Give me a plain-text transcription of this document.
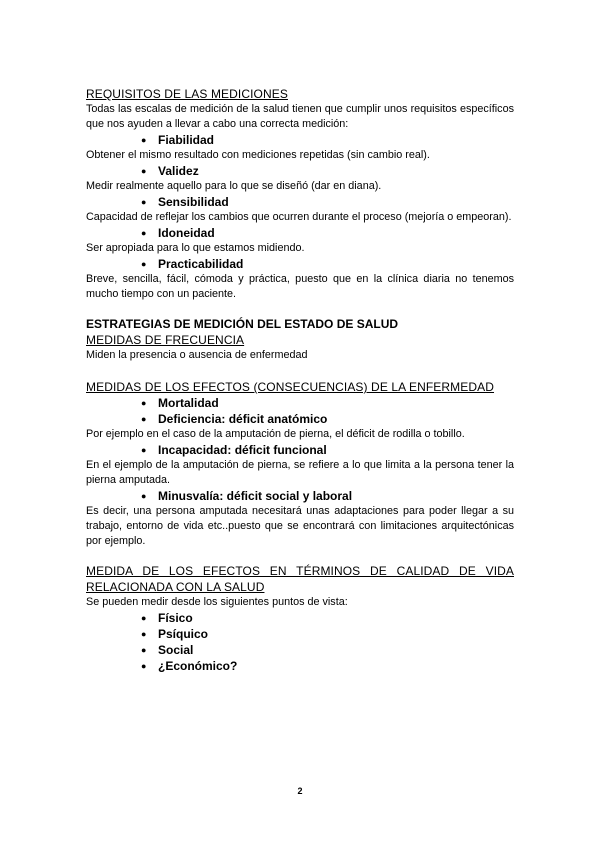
REQUISITOS DE LAS MEDICIONES

Todas las escalas de medición de la salud tienen que cumplir unos requisitos específicos que nos ayuden a llevar a cabo una correcta medición:

● Fiabilidad

Obtener el mismo resultado con mediciones repetidas (sin cambio real).

● Validez

Medir realmente aquello para lo que se diseñó (dar en diana).

● Sensibilidad

Capacidad de reflejar los cambios que ocurren durante el proceso (mejoría o empeoran).

● Idoneidad

Ser apropiada para lo que estamos midiendo.

● Practicabilidad

Breve, sencilla, fácil, cómoda y práctica, puesto que en la clínica diaria no tenemos mucho tiempo con un paciente.

ESTRATEGIAS DE MEDICIÓN DEL ESTADO DE SALUD
MEDIDAS DE FRECUENCIA

Miden la presencia o ausencia de enfermedad

MEDIDAS DE LOS EFECTOS (CONSECUENCIAS) DE LA ENFERMEDAD
● Mortalidad
● Deficiencia: déficit anatómico

Por ejemplo en el caso de la amputación de pierna, el déficit de rodilla o tobillo.

● Incapacidad: déficit funcional

En el ejemplo de la amputación de pierna, se refiere a lo que limita a la persona tener la pierna amputada.

● Minusvalía: déficit social y laboral

Es decir, una persona amputada necesitará unas adaptaciones para poder llegar a su trabajo, entorno de vida etc..puesto que se encontrará con limitaciones arquitectónicas por ejemplo.

MEDIDA DE LOS EFECTOS EN TÉRMINOS DE CALIDAD DE VIDA RELACIONADA CON LA SALUD

Se pueden medir desde los siguientes puntos de vista:

● Físico
● Psíquico
● Social
● ¿Económico?
2
